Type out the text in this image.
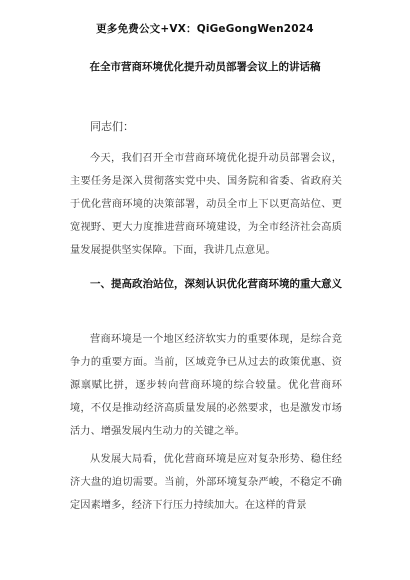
更多免费公文+VX：QiGeGongWen2024
在全市营商环境优化提升动员部署会议上的讲话稿
同志们：
今天，我们召开全市营商环境优化提升动员部署会议，主要任务是深入贯彻落实党中央、国务院和省委、省政府关于优化营商环境的决策部署，动员全市上下以更高站位、更宽视野、更大力度推进营商环境建设，为全市经济社会高质量发展提供坚实保障。下面，我讲几点意见。
一、提高政治站位，深刻认识优化营商环境的重大意义
营商环境是一个地区经济软实力的重要体现，是综合竞争力的重要方面。当前，区域竞争已从过去的政策优惠、资源禀赋比拼，逐步转向营商环境的综合较量。优化营商环境，不仅是推动经济高质量发展的必然要求，也是激发市场活力、增强发展内生动力的关键之举。
从发展大局看，优化营商环境是应对复杂形势、稳住经济大盘的迫切需要。当前，外部环境复杂严峻，不稳定不确定因素增多，经济下行压力持续加大。在这样的背景
